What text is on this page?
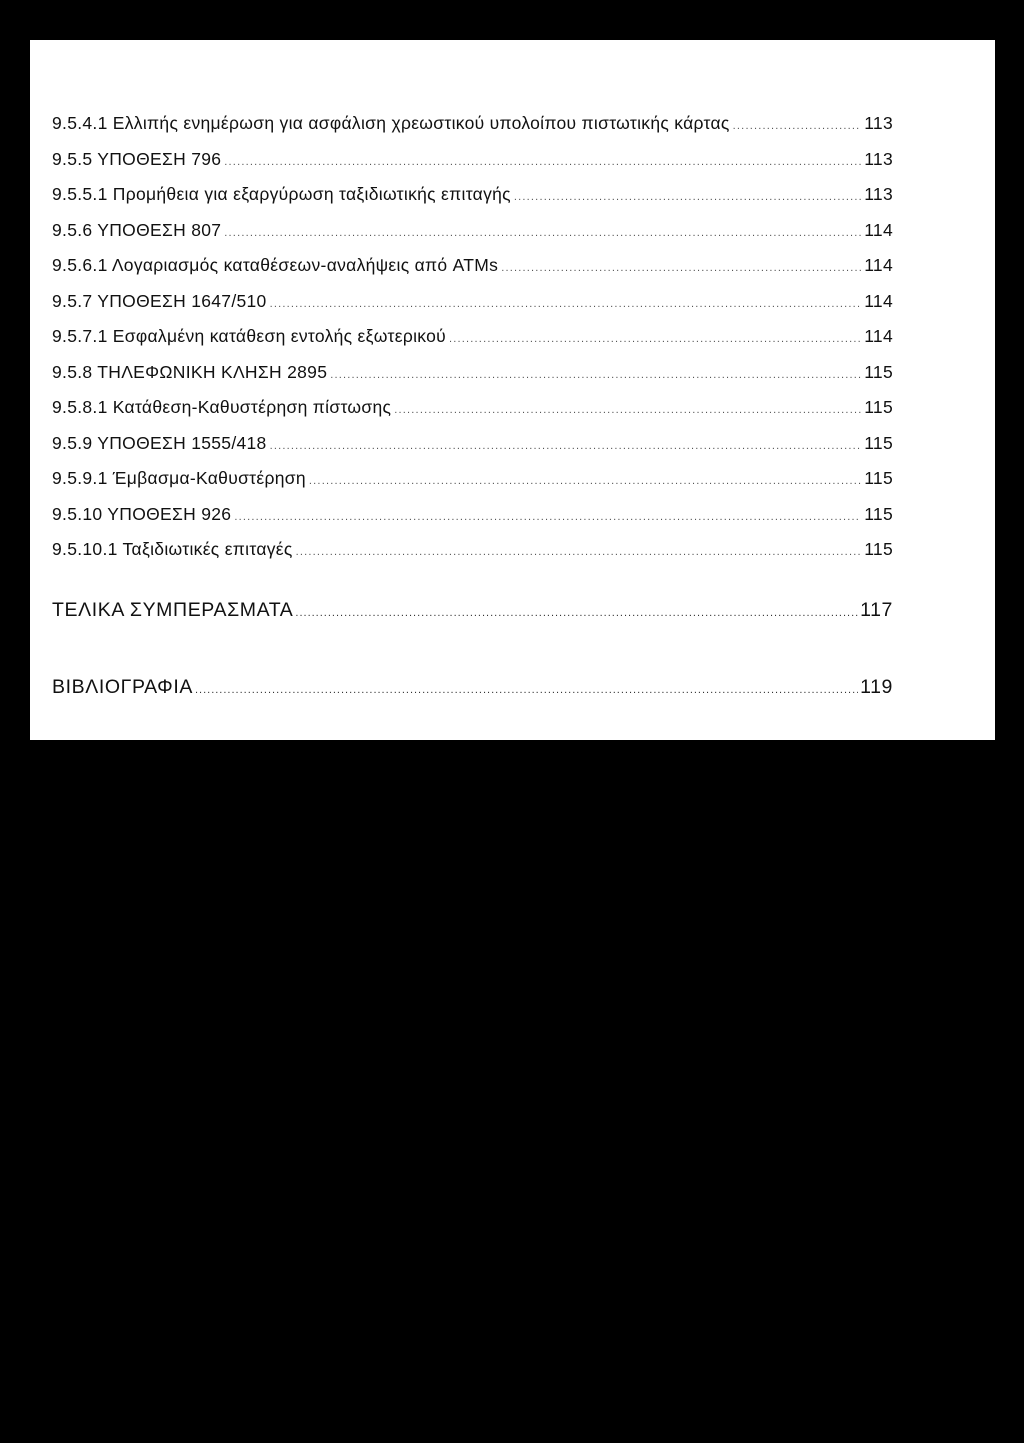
9.5.4.1 Ελλιπής ενημέρωση για ασφάλιση χρεωστικού υπολοίπου πιστωτικής κάρτας .....	113
9.5.5 ΥΠΟΘΕΣΗ 796 .....	113
9.5.5.1 Προμήθεια για εξαργύρωση ταξιδιωτικής επιταγής .....	113
9.5.6 ΥΠΟΘΕΣΗ 807 .....	114
9.5.6.1 Λογαριασμός καταθέσεων-αναλήψεις από ATMs .....	114
9.5.7 ΥΠΟΘΕΣΗ 1647/510 .....	114
9.5.7.1 Εσφαλμένη κατάθεση εντολής εξωτερικού .....	114
9.5.8 ΤΗΛΕΦΩΝΙΚΗ ΚΛΗΣΗ 2895 .....	115
9.5.8.1 Κατάθεση-Καθυστέρηση πίστωσης .....	115
9.5.9 ΥΠΟΘΕΣΗ 1555/418 .....	115
9.5.9.1 Έμβασμα-Καθυστέρηση .....	115
9.5.10 ΥΠΟΘΕΣΗ 926 .....	115
9.5.10.1 Ταξιδιωτικές επιταγές .....	115
ΤΕΛΙΚΑ ΣΥΜΠΕΡΑΣΜΑΤΑ .....	117
ΒΙΒΛΙΟΓΡΑΦΙΑ .....	119
